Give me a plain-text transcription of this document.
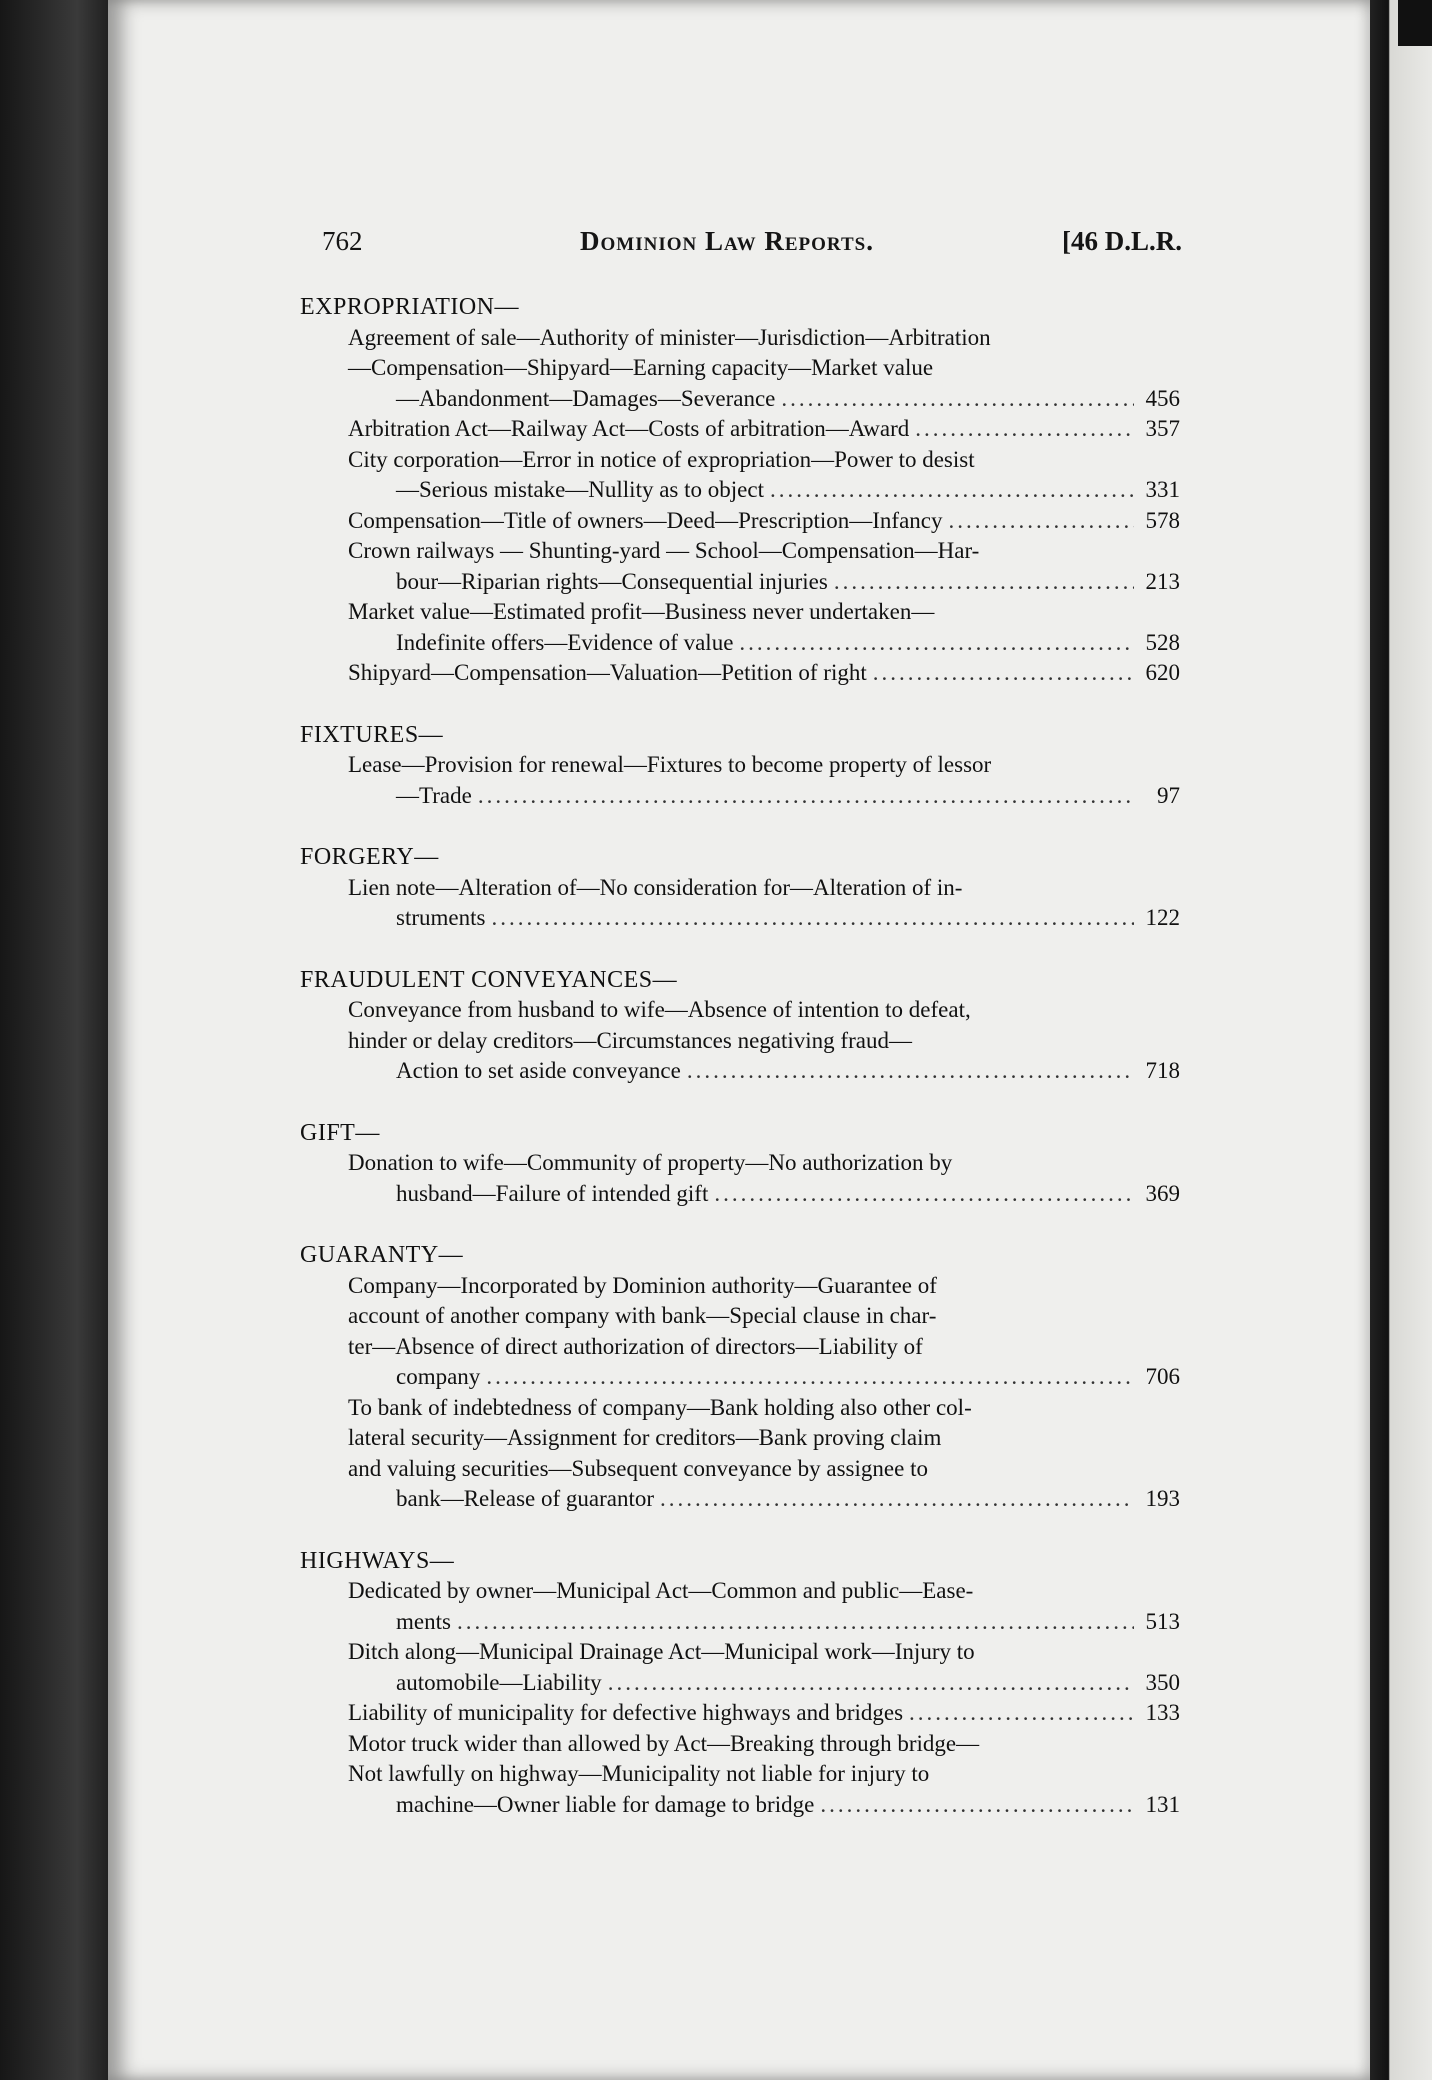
762	Dominion Law Reports.	[46 D.L.R.
EXPROPRIATION—
Agreement of sale—Authority of minister—Jurisdiction—Arbitration
—Compensation—Shipyard—Earning capacity—Market value
—Abandonment—Damages—Severance .....	456
Arbitration Act—Railway Act—Costs of arbitration—Award .....	357
City corporation—Error in notice of expropriation—Power to desist
—Serious mistake—Nullity as to object .....	331
Compensation—Title of owners—Deed—Prescription—Infancy .....	578
Crown railways — Shunting-yard — School—Compensation—Har-
bour—Riparian rights—Consequential injuries .....	213
Market value—Estimated profit—Business never undertaken—
Indefinite offers—Evidence of value .....	528
Shipyard—Compensation—Valuation—Petition of right .....	620
FIXTURES—
Lease—Provision for renewal—Fixtures to become property of lessor
—Trade .....	97
FORGERY—
Lien note—Alteration of—No consideration for—Alteration of in-
struments .....	122
FRAUDULENT CONVEYANCES—
Conveyance from husband to wife—Absence of intention to defeat,
hinder or delay creditors—Circumstances negativing fraud—
Action to set aside conveyance .....	718
GIFT—
Donation to wife—Community of property—No authorization by
husband—Failure of intended gift .....	369
GUARANTY—
Company—Incorporated by Dominion authority—Guarantee of
account of another company with bank—Special clause in char-
ter—Absence of direct authorization of directors—Liability of
company .....	706
To bank of indebtedness of company—Bank holding also other col-
lateral security—Assignment for creditors—Bank proving claim
and valuing securities—Subsequent conveyance by assignee to
bank—Release of guarantor .....	193
HIGHWAYS—
Dedicated by owner—Municipal Act—Common and public—Ease-
ments .....	513
Ditch along—Municipal Drainage Act—Municipal work—Injury to
automobile—Liability .....	350
Liability of municipality for defective highways and bridges .....	133
Motor truck wider than allowed by Act—Breaking through bridge—
Not lawfully on highway—Municipality not liable for injury to
machine—Owner liable for damage to bridge .....	131
